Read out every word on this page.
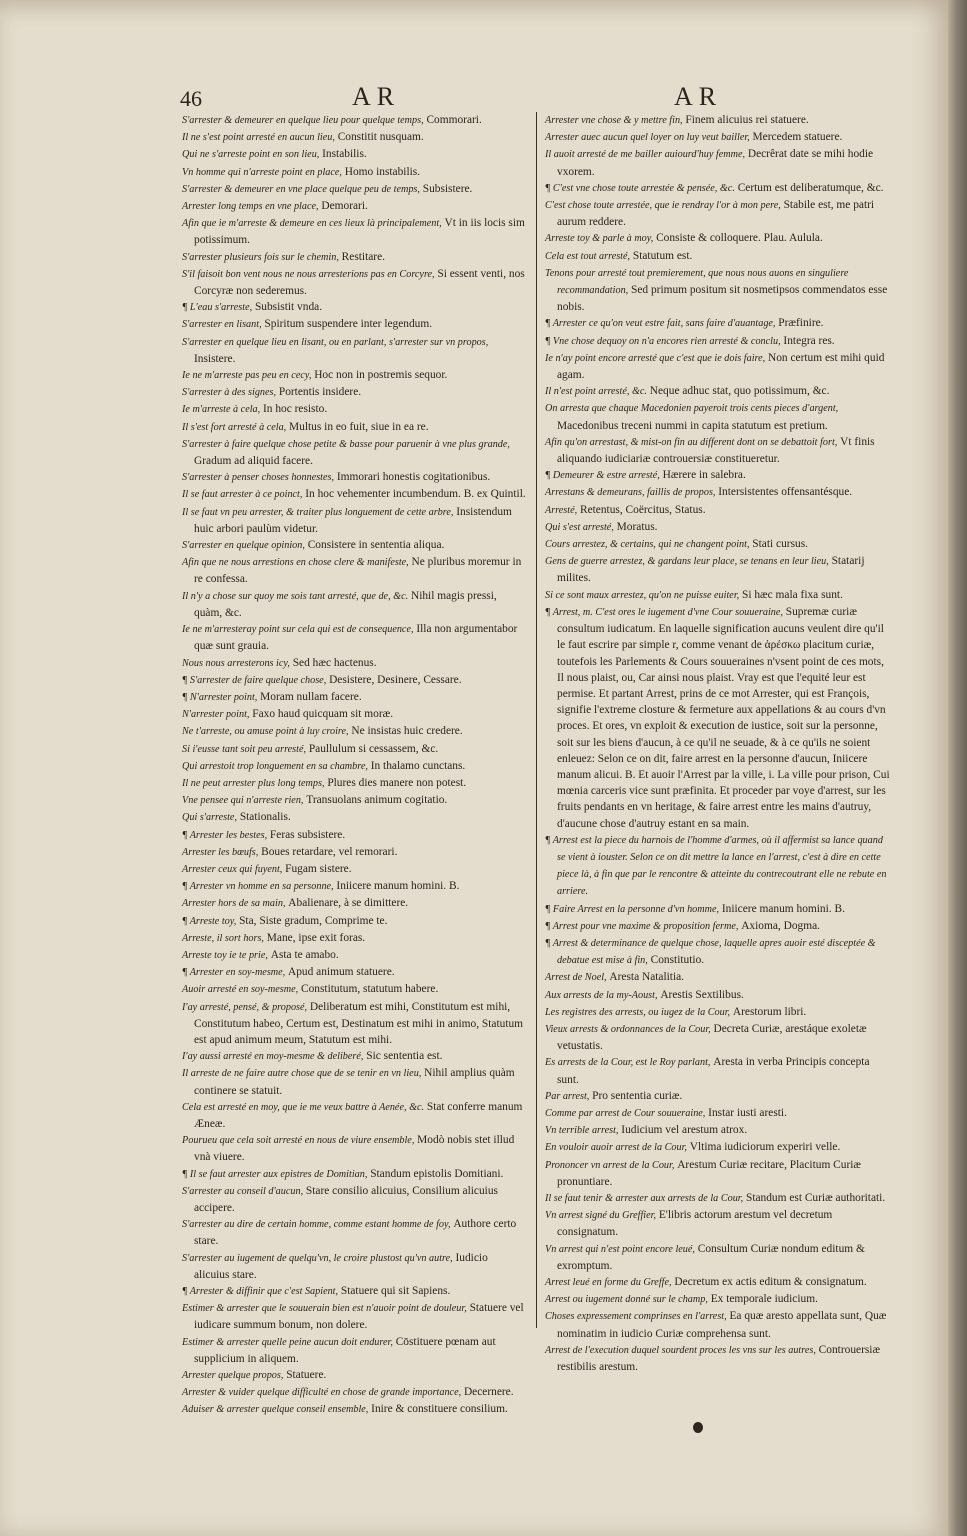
46	AR	AR

S'arrester & demeurer en quelque lieu pour quelque temps, Commorari.

Il ne s'est point arresté en aucun lieu, Constitit nusquam.

Qui ne s'arreste point en son lieu, Instabilis.

Vn homme qui n'arreste point en place, Homo instabilis.

S'arrester & demeurer en vne place quelque peu de temps, Subsistere.

Arrester long temps en vne place, Demorari.

Afin que ie m'arreste & demeure en ces lieux là principalement, Vt in iis locis sim potissimum.

S'arrester plusieurs fois sur le chemin, Restitare.

S'il faisoit bon vent nous ne nous arresterions pas en Corcyre, Si essent venti, nos Corcyræ non sederemus.

¶ L'eau s'arreste, Subsistit vnda.

S'arrester en lisant, Spiritum suspendere inter legendum.

S'arrester en quelque lieu en lisant, ou en parlant, s'arrester sur vn propos, Insistere.

Ie ne m'arreste pas peu en cecy, Hoc non in postremis sequor.

S'arrester à des signes, Portentis insidere.

Ie m'arreste à cela, In hoc resisto.

Il s'est fort arresté à cela, Multus in eo fuit, siue in ea re.

S'arrester à faire quelque chose petite & basse pour paruenir à vne plus grande, Gradum ad aliquid facere.

S'arrester à penser choses honnestes, Immorari honestis cogitationibus.

Il se faut arrester à ce poinct, In hoc vehementer incumbendum. B. ex Quintil.

Il se faut vn peu arrester, & traiter plus longuement de cette arbre, Insistendum huic arbori paulùm videtur.

S'arrester en quelque opinion, Consistere in sententia aliqua.

Afin que ne nous arrestions en chose clere & manifeste, Ne pluribus moremur in re confessa.

Il n'y a chose sur quoy me sois tant arresté, que de, &c. Nihil magis pressi, quàm, &c.

Ie ne m'arresteray point sur cela qui est de consequence, Illa non argumentabor quæ sunt grauia.

Nous nous arresterons icy, Sed hæc hactenus.

¶ S'arrester de faire quelque chose, Desistere, Desinere, Cessare.

¶ N'arrester point, Moram nullam facere.

N'arrester point, Faxo haud quicquam sit moræ.

Ne t'arreste, ou amuse point à luy croire, Ne insistas huic credere.

Si i'eusse tant soit peu arresté, Paullulum si cessassem, &c.

Qui arrestoit trop longuement en sa chambre, In thalamo cunctans.

Il ne peut arrester plus long temps, Plures dies manere non potest.

Vne pensee qui n'arreste rien, Transuolans animum cogitatio.

Qui s'arreste, Stationalis.

¶ Arrester les bestes, Feras subsistere.

Arrester les bœufs, Boues retardare, vel remorari.

Arrester ceux qui fuyent, Fugam sistere.

¶ Arrester vn homme en sa personne, Iniicere manum homini. B.

Arrester hors de sa main, Abalienare, à se dimittere.

¶ Arreste toy, Sta, Siste gradum, Comprime te.

Arreste, il sort hors, Mane, ipse exit foras.

Arreste toy ie te prie, Asta te amabo.

¶ Arrester en soy-mesme, Apud animum statuere.

Auoir arresté en soy-mesme, Constitutum, statutum habere.

I'ay arresté, pensé, & proposé, Deliberatum est mihi, Constitutum est mihi, Constitutum habeo, Certum est, Destinatum est mihi in animo, Statutum est apud animum meum, Statutum est mihi.

I'ay aussi arresté en moy-mesme & deliberé, Sic sententia est.

Il arreste de ne faire autre chose que de se tenir en vn lieu, Nihil amplius quàm continere se statuit.

Cela est arresté en moy, que ie me veux battre à Aenée, &c. Stat conferre manum Æneæ.

Pourueu que cela soit arresté en nous de viure ensemble, Modò nobis stet illud vnà viuere.

¶ Il se faut arrester aux epistres de Domitian, Standum epistolis Domitiani.

S'arrester au conseil d'aucun, Stare consilio alicuius, Consilium alicuius accipere.

S'arrester au dire de certain homme, comme estant homme de foy, Authore certo stare.

S'arrester au iugement de quelqu'vn, le croire plustost qu'vn autre, Iudicio alicuius stare.

¶ Arrester & diffinir que c'est Sapient, Statuere qui sit Sapiens.

Estimer & arrester que le souuerain bien est n'auoir point de douleur, Statuere vel iudicare summum bonum, non dolere.

Estimer & arrester quelle peine aucun doit endurer, Cōstituere pœnam aut supplicium in aliquem.

Arrester quelque propos, Statuere.

Arrester & vuider quelque difficulté en chose de grande importance, Decernere.

Aduiser & arrester quelque conseil ensemble, Inire & constituere consilium.

Arrester vne chose & y mettre fin, Finem alicuius rei statuere.

Arrester auec aucun quel loyer on luy veut bailler, Mercedem statuere.

Il auoit arresté de me bailler auiourd'huy femme, Decrêrat date se mihi hodie vxorem.

¶ C'est vne chose toute arrestée & pensée, &c. Certum est deliberatumque, &c.

C'est chose toute arrestée, que ie rendray l'or à mon pere, Stabile est, me patri aurum reddere.

Arreste toy & parle à moy, Consiste & colloquere. Plau. Aulula.

Cela est tout arresté, Statutum est.

Tenons pour arresté tout premierement, que nous nous auons en singuliere recommandation, Sed primum positum sit nosmetipsos commendatos esse nobis.

¶ Arrester ce qu'on veut estre fait, sans faire d'auantage, Præfinire.

¶ Vne chose dequoy on n'a encores rien arresté & conclu, Integra res.

Ie n'ay point encore arresté que c'est que ie dois faire, Non certum est mihi quid agam.

Il n'est point arresté, &c. Neque adhuc stat, quo potissimum, &c.

On arresta que chaque Macedonien payeroit trois cents pieces d'argent, Macedonibus treceni nummi in capita statutum est pretium.

Afin qu'on arrestast, & mist-on fin au different dont on se debattoit fort, Vt finis aliquando iudiciariæ controuersiæ constitueretur.

¶ Demeurer & estre arresté, Hærere in salebra.

Arrestans & demeurans, faillis de propos, Intersistentes offensantésque.

Arresté, Retentus, Coërcitus, Status.

Qui s'est arresté, Moratus.

Cours arrestez, & certains, qui ne changent point, Stati cursus.

Gens de guerre arrestez, & gardans leur place, se tenans en leur lieu, Statarij milites.

Si ce sont maux arrestez, qu'on ne puisse euiter, Si hæc mala fixa sunt.

¶ Arrest, m. C'est ores le iugement d'vne Cour souueraine, Supremæ curiæ consultum iudicatum. En laquelle signification aucuns veulent dire qu'il le faut escrire par simple r, comme venant de ἀρέσκω placitum curiæ, toutefois les Parlements & Cours souueraines n'vsent point de ces mots, Il nous plaist, ou, Car ainsi nous plaist. Vray est que l'equité leur est permise. Et partant Arrest, prins de ce mot Arrester, qui est François, signifie l'extreme closture & fermeture aux appellations & au cours d'vn proces. Et ores, vn exploit & execution de iustice, soit sur la personne, soit sur les biens d'aucun, à ce qu'il ne seuade, & à ce qu'ils ne soient enleuez: Selon ce on dit, faire arrest en la personne d'aucun, Iniicere manum alicui. B. Et auoir l'Arrest par la ville, i. La ville pour prison, Cui mœnia carceris vice sunt præfinita. Et proceder par voye d'arrest, sur les fruits pendants en vn heritage, & faire arrest entre les mains d'autruy, d'aucune chose d'autruy estant en sa main.

¶ Arrest est la piece du harnois de l'homme d'armes, où il affermist sa lance quand se vient à iouster. Selon ce on dit mettre la lance en l'arrest, c'est à dire en cette piece là, à fin que par le rencontre & atteinte du contrecoutrant elle ne rebute en arriere.

¶ Faire Arrest en la personne d'vn homme, Iniicere manum homini. B.

¶ Arrest pour vne maxime & proposition ferme, Axioma, Dogma.

¶ Arrest & determinance de quelque chose, laquelle apres auoir esté disceptée & debatue est mise à fin, Constitutio.

Arrest de Noel, Aresta Natalitia.

Aux arrests de la my-Aoust, Arestis Sextilibus.

Les registres des arrests, ou iugez de la Cour, Arestorum libri.

Vieux arrests & ordonnances de la Cour, Decreta Curiæ, arestáque exoletæ vetustatis.

Es arrests de la Cour, est le Roy parlant, Aresta in verba Principis concepta sunt.

Par arrest, Pro sententia curiæ.

Comme par arrest de Cour souueraine, Instar iusti aresti.

Vn terrible arrest, Iudicium vel arestum atrox.

En vouloir auoir arrest de la Cour, Vltima iudiciorum experiri velle.

Prononcer vn arrest de la Cour, Arestum Curiæ recitare, Placitum Curiæ pronuntiare.

Il se faut tenir & arrester aux arrests de la Cour, Standum est Curiæ authoritati.

Vn arrest signé du Greffier, E'libris actorum arestum vel decretum consignatum.

Vn arrest qui n'est point encore leué, Consultum Curiæ nondum editum & exromptum.

Arrest leué en forme du Greffe, Decretum ex actis editum & consignatum.

Arrest ou iugement donné sur le champ, Ex temporale iudicium.

Choses expressement comprinses en l'arrest, Ea quæ aresto appellata sunt, Quæ nominatim in iudicio Curiæ comprehensa sunt.

Arrest de l'execution duquel sourdent proces les vns sur les autres, Controuersiæ restibilis arestum.
